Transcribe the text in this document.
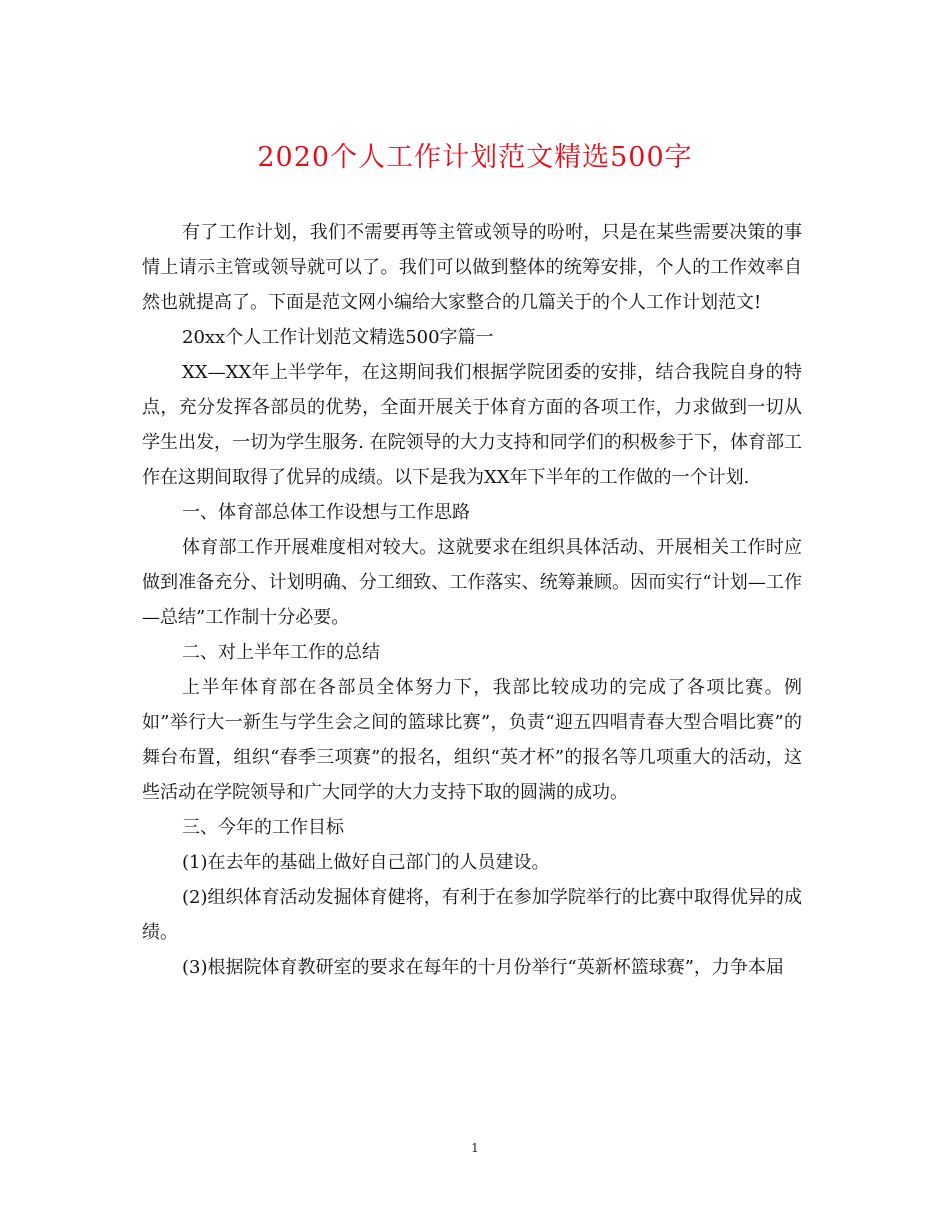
2020个人工作计划范文精选500字

有了工作计划，我们不需要再等主管或领导的吩咐，只是在某些需要决策的事情上请示主管或领导就可以了。我们可以做到整体的统筹安排，个人的工作效率自然也就提高了。下面是范文网小编给大家整合的几篇关于的个人工作计划范文!

20xx个人工作计划范文精选500字篇一

XX—XX年上半学年，在这期间我们根据学院团委的安排，结合我院自身的特点，充分发挥各部员的优势，全面开展关于体育方面的各项工作，力求做到一切从学生出发，一切为学生服务. 在院领导的大力支持和同学们的积极参于下，体育部工作在这期间取得了优异的成绩。以下是我为XX年下半年的工作做的一个计划.

一、体育部总体工作设想与工作思路

体育部工作开展难度相对较大。这就要求在组织具体活动、开展相关工作时应做到准备充分、计划明确、分工细致、工作落实、统筹兼顾。因而实行“计划—工作—总结”工作制十分必要。

二、对上半年工作的总结

上半年体育部在各部员全体努力下，我部比较成功的完成了各项比赛。例如”举行大一新生与学生会之间的篮球比赛”，负责“迎五四唱青春大型合唱比赛”的舞台布置，组织“春季三项赛”的报名，组织“英才杯”的报名等几项重大的活动，这些活动在学院领导和广大同学的大力支持下取的圆满的成功。

三、今年的工作目标

(1)在去年的基础上做好自己部门的人员建设。

(2)组织体育活动发掘体育健将，有利于在参加学院举行的比赛中取得优异的成绩。

(3)根据院体育教研室的要求在每年的十月份举行“英新杯篮球赛”，力争本届

1
